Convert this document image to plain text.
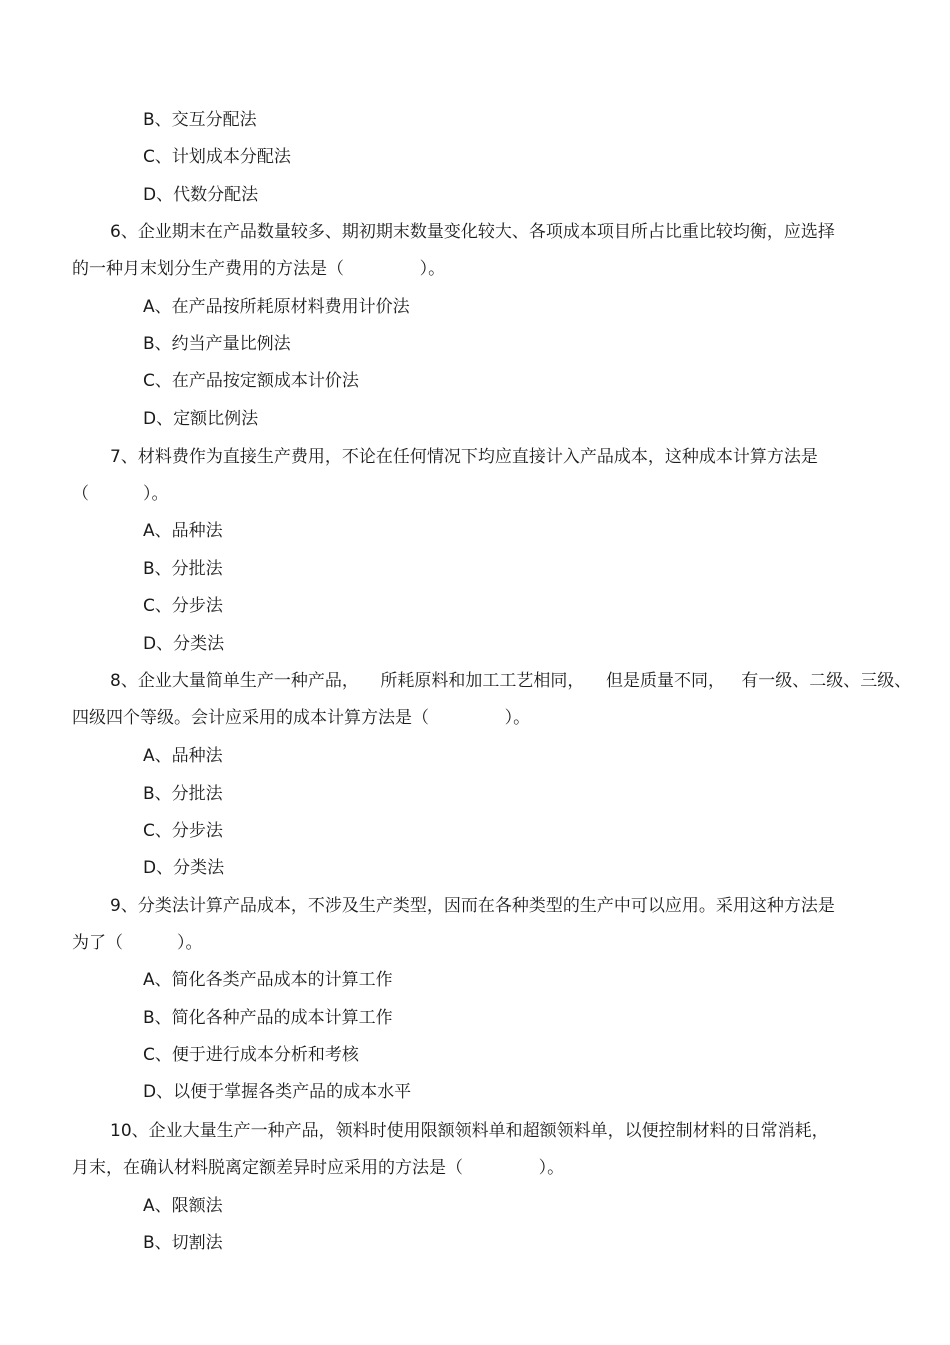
B、交互分配法

C、计划成本分配法

D、代数分配法

6、企业期末在产品数量较多、期初期末数量变化较大、各项成本项目所占比重比较均衡，应选择

的一种月末划分生产费用的方法是（              ）。

A、在产品按所耗原材料费用计价法

B、约当产量比例法

C、在产品按定额成本计价法

D、定额比例法

7、材料费作为直接生产费用，不论在任何情况下均应直接计入产品成本，这种成本计算方法是

（          ）。

A、品种法

B、分批法

C、分步法

D、分类法

8、企业大量简单生产一种产品，    所耗原料和加工工艺相同，    但是质量不同，   有一级、二级、三级、

四级四个等级。会计应采用的成本计算方法是（              ）。

A、品种法

B、分批法

C、分步法

D、分类法

9、分类法计算产品成本，不涉及生产类型，因而在各种类型的生产中可以应用。采用这种方法是

为了（          ）。

A、简化各类产品成本的计算工作

B、简化各种产品的成本计算工作

C、便于进行成本分析和考核

D、以便于掌握各类产品的成本水平

10、企业大量生产一种产品，领料时使用限额领料单和超额领料单，以便控制材料的日常消耗，

月末，在确认材料脱离定额差异时应采用的方法是（              ）。

A、限额法

B、切割法
